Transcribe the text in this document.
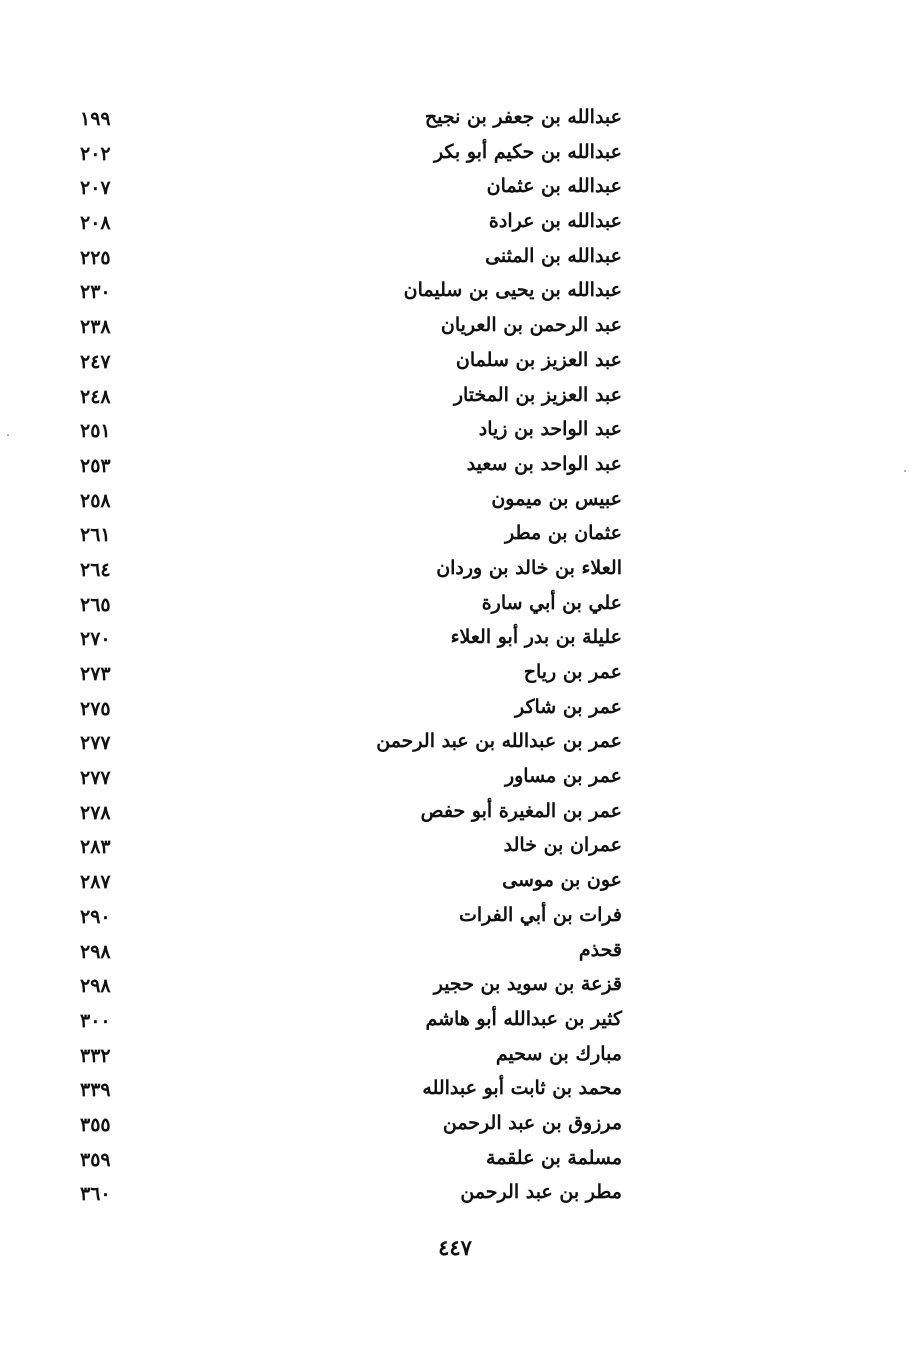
عبدالله بن جعفر بن نجيح
١٩٩
عبدالله بن حكيم أبو بكر
٢٠٢
عبدالله بن عثمان
٢٠٧
عبدالله بن عرادة
٢٠٨
عبدالله بن المثنى
٢٢٥
عبدالله بن يحيى بن سليمان
٢٣٠
عبد الرحمن بن العريان
٢٣٨
عبد العزيز بن سلمان
٢٤٧
عبد العزيز بن المختار
٢٤٨
عبد الواحد بن زياد
٢٥١
عبد الواحد بن سعيد
٢٥٣
عبيس بن ميمون
٢٥٨
عثمان بن مطر
٢٦١
العلاء بن خالد بن وردان
٢٦٤
علي بن أبي سارة
٢٦٥
عليلة بن بدر أبو العلاء
٢٧٠
عمر بن رياح
٢٧٣
عمر بن شاكر
٢٧٥
عمر بن عبدالله بن عبد الرحمن
٢٧٧
عمر بن مساور
٢٧٧
عمر بن المغيرة أبو حفص
٢٧٨
عمران بن خالد
٢٨٣
عون بن موسى
٢٨٧
فرات بن أبي الفرات
٢٩٠
قحذم
٢٩٨
قزعة بن سويد بن حجير
٢٩٨
كثير بن عبدالله أبو هاشم
٣٠٠
مبارك بن سحيم
٣٣٢
محمد بن ثابت أبو عبدالله
٣٣٩
مرزوق بن عبد الرحمن
٣٥٥
مسلمة بن علقمة
٣٥٩
مطر بن عبد الرحمن
٣٦٠
٤٤٧
